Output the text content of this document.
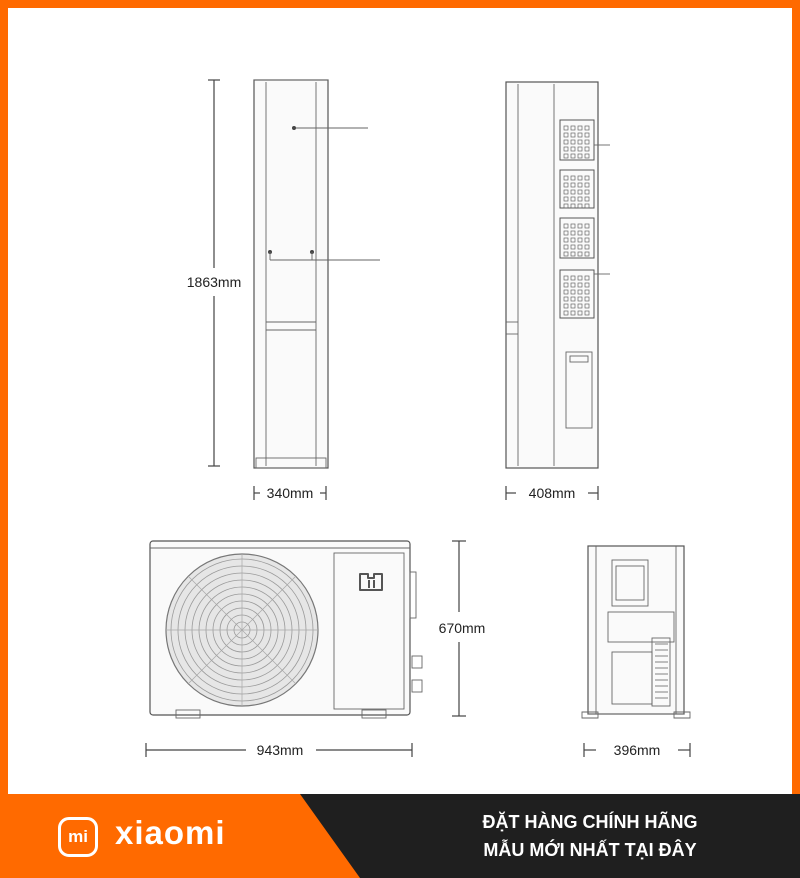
1863mm
340mm	408mm
670mm
943mm	396mm
mi xiaomi	ĐẶT HÀNG CHÍNH HÃNG
MẪU MỚI NHẤT TẠI ĐÂY
